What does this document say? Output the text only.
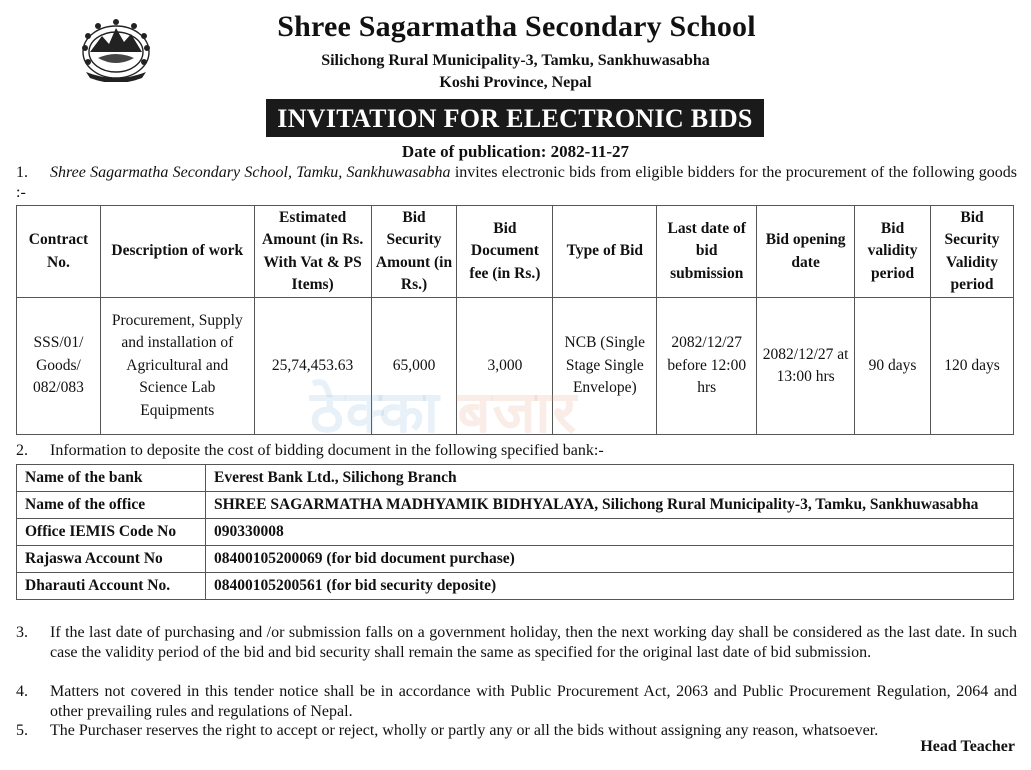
Shree Sagarmatha Secondary School
Silichong Rural Municipality-3, Tamku, Sankhuwasabha
Koshi Province, Nepal
INVITATION FOR ELECTRONIC BIDS
Date of publication: 2082-11-27
1.	Shree Sagarmatha Secondary School, Tamku, Sankhuwasabha invites electronic bids from eligible bidders for the procurement of the following goods :-
Contract No.	Description of work	Estimated Amount (in Rs. With Vat & PS Items)	Bid Security Amount (in Rs.)	Bid Document fee (in Rs.)	Type of Bid	Last date of bid submission	Bid opening date	Bid validity period	Bid Security Validity period
SSS/01/ Goods/ 082/083	Procurement, Supply and installation of Agricultural and Science Lab Equipments	25,74,453.63	65,000	3,000	NCB (Single Stage Single Envelope)	2082/12/27 before 12:00 hrs	2082/12/27 at 13:00 hrs	90 days	120 days
ठेक्का बजार
2. Information to deposite the cost of bidding document in the following specified bank:-
Name of the bank	Everest Bank Ltd., Silichong Branch
Name of the office	SHREE SAGARMATHA MADHYAMIK BIDHYALAYA, Silichong Rural Municipality-3, Tamku, Sankhuwasabha
Office IEMIS Code No	090330008
Rajaswa Account No	08400105200069 (for bid document purchase)
Dharauti Account No.	08400105200561 (for bid security deposite)
3. If the last date of purchasing and /or submission falls on a government holiday, then the next working day shall be considered as the last date. In such case the validity period of the bid and bid security shall remain the same as specified for the original last date of bid submission.
4. Matters not covered in this tender notice shall be in accordance with Public Procurement Act, 2063 and Public Procurement Regulation, 2064 and other prevailing rules and regulations of Nepal.
5. The Purchaser reserves the right to accept or reject, wholly or partly any or all the bids without assigning any reason, whatsoever.
Head Teacher
